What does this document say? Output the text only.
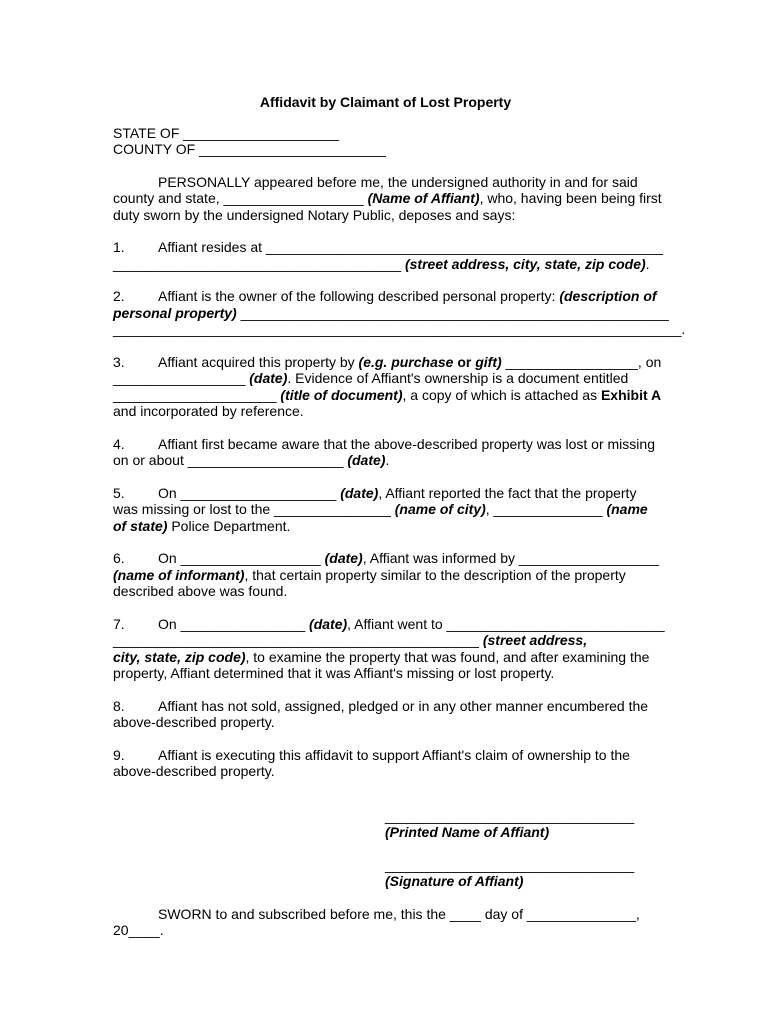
Affidavit by Claimant of Lost Property
STATE OF ____________________
COUNTY OF ________________________
PERSONALLY appeared before me, the undersigned authority in and for said
county and state, __________________ (Name of Affiant), who, having been being first
duty sworn by the undersigned Notary Public, deposes and says:
1. Affiant resides at ___________________________________________________
_____________________________________ (street address, city, state, zip code).
2. Affiant is the owner of the following described personal property: (description of
personal property) _______________________________________________________
_________________________________________________________________________.
3. Affiant acquired this property by (e.g. purchase or gift) _________________, on
_________________ (date). Evidence of Affiant's ownership is a document entitled
_____________________ (title of document), a copy of which is attached as Exhibit A
and incorporated by reference.
4. Affiant first became aware that the above-described property was lost or missing
on or about ____________________ (date).
5. On ____________________ (date), Affiant reported the fact that the property
was missing or lost to the _______________ (name of city), ______________ (name
of state) Police Department.
6. On __________________ (date), Affiant was informed by __________________
(name of informant), that certain property similar to the description of the property
described above was found.
7. On ________________ (date), Affiant went to ____________________________
_______________________________________________ (street address,
city, state, zip code), to examine the property that was found, and after examining the
property, Affiant determined that it was Affiant's missing or lost property.
8. Affiant has not sold, assigned, pledged or in any other manner encumbered the
above-described property.
9. Affiant is executing this affidavit to support Affiant's claim of ownership to the
above-described property.
________________________________
(Printed Name of Affiant)
________________________________
(Signature of Affiant)
SWORN to and subscribed before me, this the ____ day of ______________,
20____.
